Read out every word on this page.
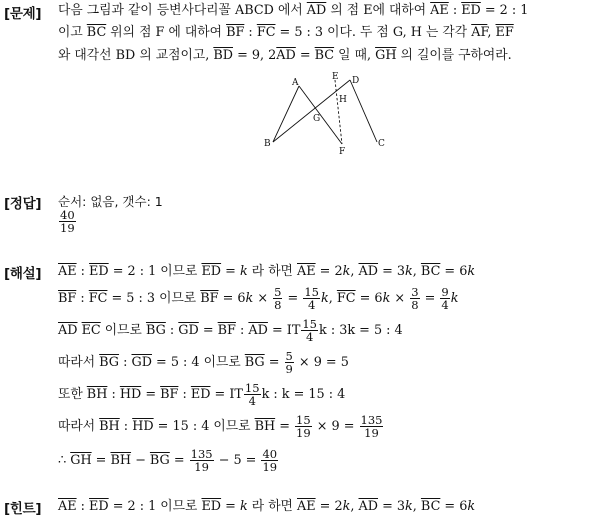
[문제] 다음 그림과 같이 등변사다리꼴 ABCD 에서 $\overline{AD}$ 의 점 E에 대하여 $\overline{AE}$ : $\overline{ED} = 2$ : 1
이고 $\overline{BC}$ 위의 점 F 에 대하여 $\overline{BF}$ : $\overline{FC} = 5$ : 3 이다. 두 점 G, H 는 각각 $\overline{AF}$, $\overline{EF}$
와 대각선 BD 의 교점이고, $\overline{BD} = 9$, $2\overline{AD} = \overline{BC}$ 일 때, $\overline{GH}$ 의 길이를 구하여라.
A
E D
H
G
B
F
C
[정답] 순서: 없음, 갯수: 1
$\frac{40}{19}$
[해설] $\overline{AE}$ : $\overline{ED} = 2$ : 1 이므로 $\overline{ED} = k$ 라 하면 $\overline{AE} = 2k$, $\overline{AD} = 3k$, $\overline{BC} = 6k$
$\overline{BF}$ : $\overline{FC} = 5$ : 3 이므로 $\overline{BF} = 6k \times \frac{5}{8} = \frac{15}{4} k$, $\overline{FC} = 6k \times \frac{3}{8} = \frac{9}{4}$ k
$\overline{AD}$ $\overline{EC}$ 이므로 $\overline{BG}$ : $\overline{GD} = \overline{BF}$ : $\overline{AD}$ = IT $\frac{15}{4}$ k : 3k = 5 : 4
따라서 $\overline{BG}$ : $\overline{GD} = 5$ : 4 이므로 $\overline{BG} = \frac{5}{9} \times 9 = 5$
또한 $\overline{BH}$ : $\overline{HD} = \overline{BF}$ : $\overline{ED}$ = IT $\frac{15}{4}$ k : k = 15 : 4
따라서 $\overline{BH}$ : $\overline{HD} = 15$ : 4 이므로 $\overline{BH} = \frac{15}{19} \times 9 = \frac{135}{19}$
∴ $\overline{GH} = \overline{BH} - \overline{BG} = \frac{135}{19} - 5 = \frac{40}{19}$
[힌트] $\overline{AE}$ : $\overline{ED} = 2$ : 1 이므로 $\overline{ED} = k$ 라 하면 $\overline{AE} = 2k$, $\overline{AD} = 3k$, $\overline{BC} = 6k$
